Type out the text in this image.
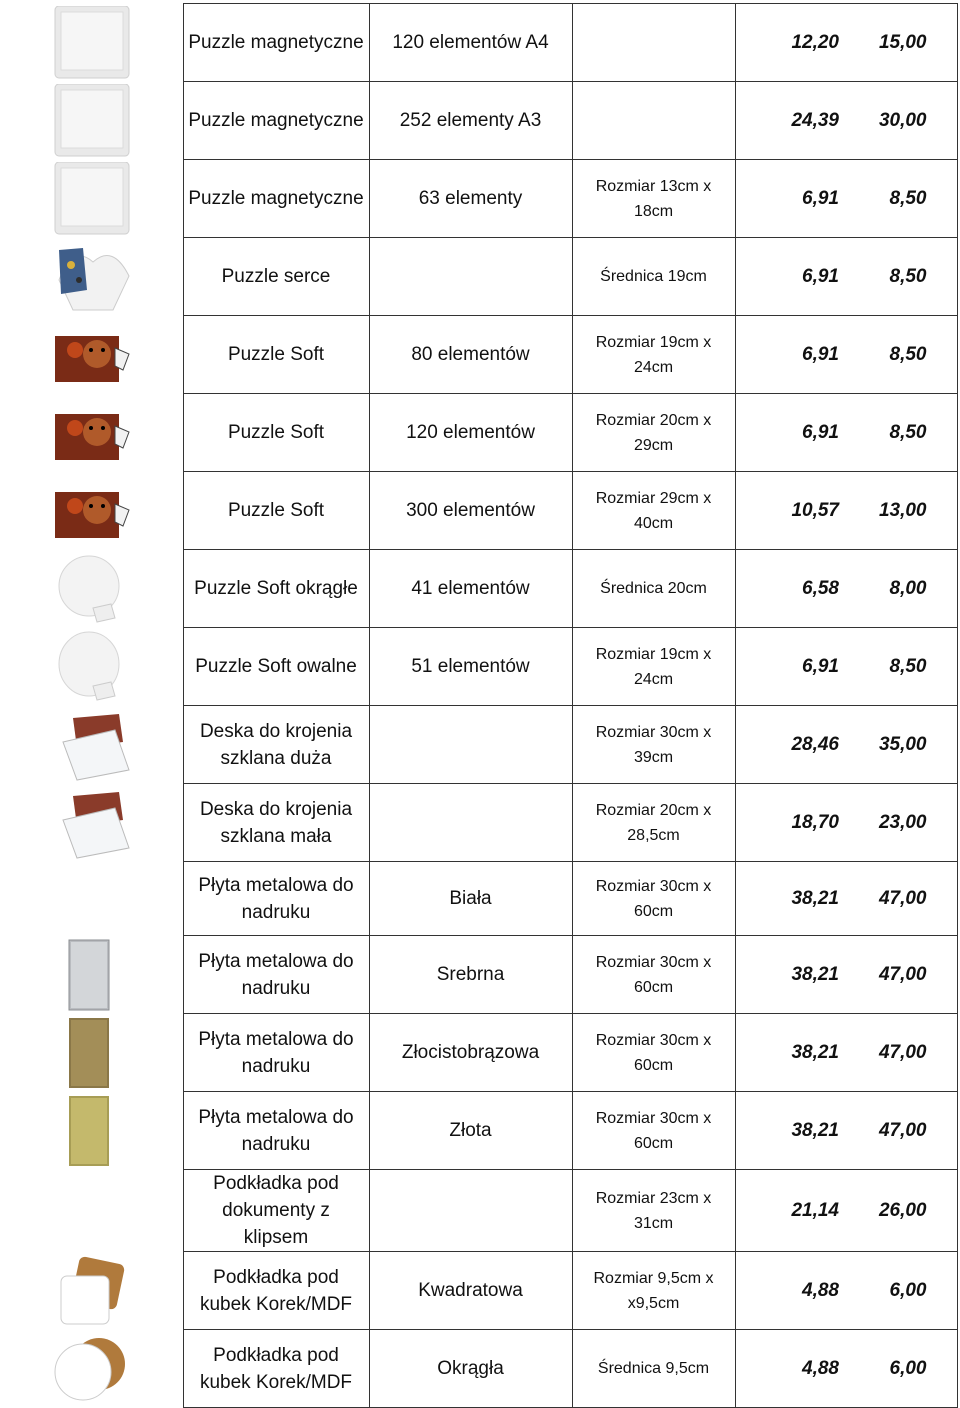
	Puzzle magnetyczne	120 elementów A4		12,20	15,00

	Puzzle magnetyczne	252 elementy A3		24,39	30,00

	Puzzle magnetyczne	63 elementy	Rozmiar 13cm x 18cm	6,91	8,50

	Puzzle serce		Średnica 19cm	6,91	8,50

	Puzzle Soft	80 elementów	Rozmiar 19cm x 24cm	6,91	8,50

	Puzzle Soft	120 elementów	Rozmiar 20cm x 29cm	6,91	8,50

	Puzzle Soft	300 elementów	Rozmiar 29cm x 40cm	10,57	13,00

	Puzzle Soft okrągłe	41 elementów	Średnica 20cm	6,58	8,00

	Puzzle Soft owalne	51 elementów	Rozmiar 19cm x 24cm	6,91	8,50

	Deska do krojenia szklana duża		Rozmiar 30cm x 39cm	28,46	35,00

	Deska do krojenia szklana mała		Rozmiar 20cm x 28,5cm	18,70	23,00

	Płyta metalowa do nadruku	Biała	Rozmiar 30cm x 60cm	38,21	47,00

	Płyta metalowa do nadruku	Srebrna	Rozmiar 30cm x 60cm	38,21	47,00

	Płyta metalowa do nadruku	Złocistobrązowa	Rozmiar 30cm x 60cm	38,21	47,00

	Płyta metalowa do nadruku	Złota	Rozmiar 30cm x 60cm	38,21	47,00

	Podkładka pod dokumenty z klipsem		Rozmiar 23cm x 31cm	21,14	26,00

	Podkładka pod kubek Korek/MDF	Kwadratowa	Rozmiar 9,5cm x x9,5cm	4,88	6,00

	Podkładka pod kubek Korek/MDF	Okrągła	Średnica 9,5cm	4,88	6,00
